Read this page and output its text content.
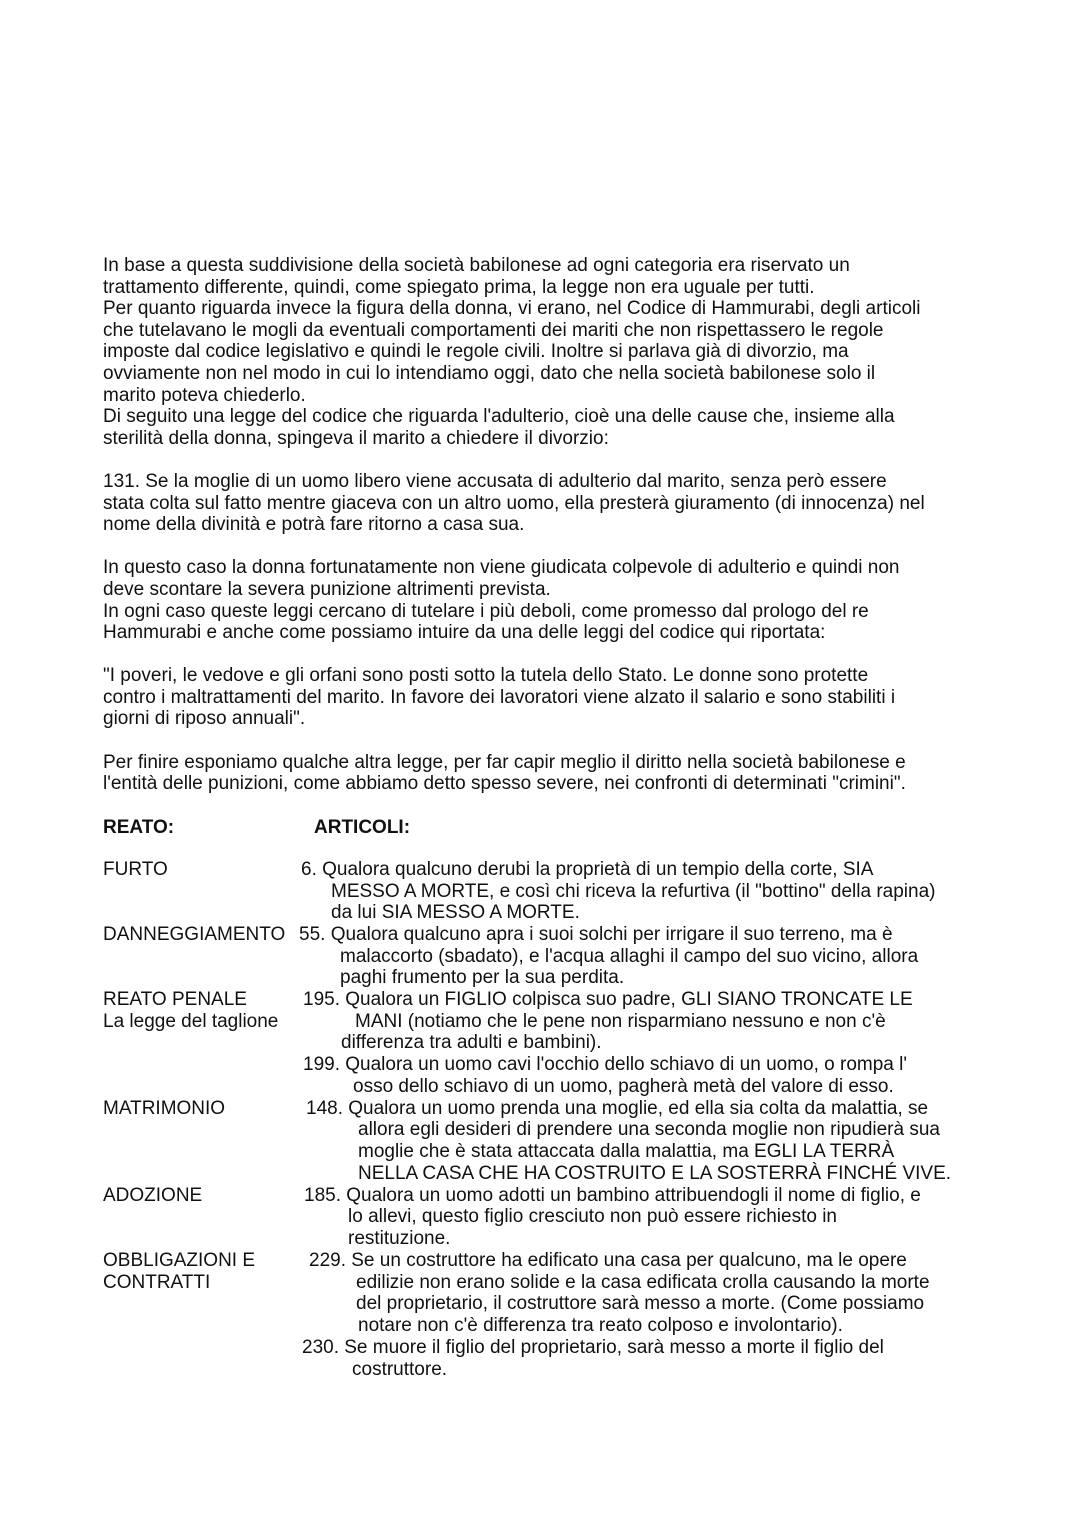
In base a questa suddivisione della società babilonese ad ogni categoria era riservato un
trattamento differente, quindi, come spiegato prima, la legge non era uguale per tutti.
Per quanto riguarda invece la figura della donna, vi erano, nel Codice di Hammurabi, degli articoli
che tutelavano le mogli da eventuali comportamenti dei mariti che non rispettassero le regole
imposte dal codice legislativo e quindi le regole civili. Inoltre si parlava già di divorzio, ma
ovviamente non nel modo in cui lo intendiamo oggi, dato che nella società babilonese solo il
marito poteva chiederlo.
Di seguito una legge del codice che riguarda l'adulterio, cioè una delle cause che, insieme alla
sterilità della donna, spingeva il marito a chiedere il divorzio:
131. Se la moglie di un uomo libero viene accusata di adulterio dal marito, senza però essere
stata colta sul fatto mentre giaceva con un altro uomo, ella presterà giuramento (di innocenza) nel
nome della divinità e potrà fare ritorno a casa sua.
In questo caso la donna fortunatamente non viene giudicata colpevole di adulterio e quindi non
deve scontare la severa punizione altrimenti prevista.
In ogni caso queste leggi cercano di tutelare i più deboli, come promesso dal prologo del re
Hammurabi e anche come possiamo intuire da una delle leggi del codice qui riportata:
"I poveri, le vedove e gli orfani sono posti sotto la tutela dello Stato. Le donne sono protette
contro i maltrattamenti del marito. In favore dei lavoratori viene alzato il salario e sono stabiliti i
giorni di riposo annuali".
Per finire esponiamo qualche altra legge, per far capir meglio il diritto nella società babilonese e
l'entità delle punizioni, come abbiamo detto spesso severe, nei confronti di determinati "crimini".
REATO:	ARTICOLI:
FURTO
DANNEGGIAMENTO
REATO PENALE
La legge del taglione
MATRIMONIO
ADOZIONE
OBBLIGAZIONI E
CONTRATTI
6. Qualora qualcuno derubi la proprietà di un tempio della corte, SIA
MESSO A MORTE, e così chi riceva la refurtiva (il "bottino" della rapina)
da lui SIA MESSO A MORTE.
55. Qualora qualcuno apra i suoi solchi per irrigare il suo terreno, ma è
malaccorto (sbadato), e l'acqua allaghi il campo del suo vicino, allora
paghi frumento per la sua perdita.
195. Qualora un FIGLIO colpisca suo padre, GLI SIANO TRONCATE LE
MANI (notiamo che le pene non risparmiano nessuno e non c'è
differenza tra adulti e bambini).
199. Qualora un uomo cavi l'occhio dello schiavo di un uomo, o rompa l'
osso dello schiavo di un uomo, pagherà metà del valore di esso.
148. Qualora un uomo prenda una moglie, ed ella sia colta da malattia, se
allora egli desideri di prendere una seconda moglie non ripudierà sua
moglie che è stata attaccata dalla malattia, ma EGLI LA TERRÀ
NELLA CASA CHE HA COSTRUITO E LA SOSTERRÀ FINCHÉ VIVE.
185. Qualora un uomo adotti un bambino attribuendogli il nome di figlio, e
lo allevi, questo figlio cresciuto non può essere richiesto in
restituzione.
229. Se un costruttore ha edificato una casa per qualcuno, ma le opere
edilizie non erano solide e la casa edificata crolla causando la morte
del proprietario, il costruttore sarà messo a morte. (Come possiamo
notare non c'è differenza tra reato colposo e involontario).
230. Se muore il figlio del proprietario, sarà messo a morte il figlio del
costruttore.
